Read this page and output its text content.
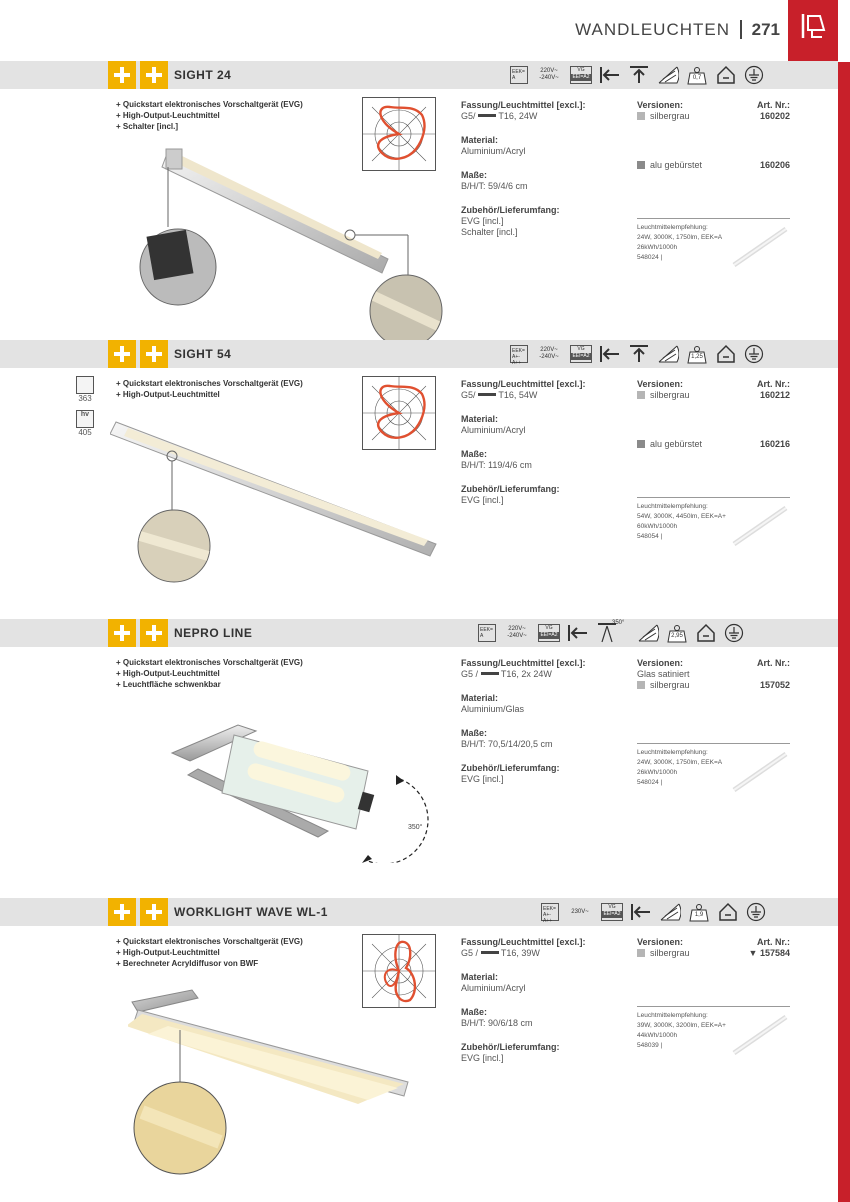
WANDLEUCHTEN 271
SIGHT 24	EEK= A
220V~
-240V~
VG
EEI=A2	0,7
+ Quickstart elektronisches Vorschaltgerät (EVG)
+ High-Output-Leuchtmittel
+ Schalter [incl.]
Fassung/Leuchtmittel [excl.]:
G5/	T16, 24W
Material:
Aluminium/Acryl
Maße:
B/H/T: 59/4/6 cm
Zubehör/Lieferumfang:
EVG [incl.]
Schalter [incl.]
Versionen:	Art. Nr.:
silbergrau	160202
alu gebürstet	160206
Leuchtmittelempfehlung:
24W, 3000K, 1750lm, EEK=A
26kWh/1000h
548024 |
SIGHT 54	EEK= A+-A++
220V~
-240V~
VG
EEI=A2	1,25
363
hv
405
+ Quickstart elektronisches Vorschaltgerät (EVG)
+ High-Output-Leuchtmittel
Fassung/Leuchtmittel [excl.]:
G5/	T16, 54W
Material:
Aluminium/Acryl
Maße:
B/H/T: 119/4/6 cm
Zubehör/Lieferumfang:
EVG [incl.]
Versionen:	Art. Nr.:
silbergrau	160212
alu gebürstet	160216
Leuchtmittelempfehlung:
54W, 3000K, 4450lm, EEK=A+
60kWh/1000h
548054 |
NEPRO LINE	EEK= A
220V~
-240V~
VG
EEI=A2
350°
2,95
+ Quickstart elektronisches Vorschaltgerät (EVG)
+ High-Output-Leuchtmittel
+ Leuchtfläche schwenkbar
350°
Fassung/Leuchtmittel [excl.]:
G5 /	T16, 2x 24W
Material:
Aluminium/Glas
Maße:
B/H/T: 70,5/14/20,5 cm
Zubehör/Lieferumfang:
EVG [incl.]
Versionen:	Art. Nr.:
Glas satiniert
silbergrau	157052
Leuchtmittelempfehlung:
24W, 3000K, 1750lm, EEK=A
26kWh/1000h
548024 |
WORKLIGHT WAVE WL-1	EEK= A+-A++
230V~
VG
EEI=A2	1,9
+ Quickstart elektronisches Vorschaltgerät (EVG)
+ High-Output-Leuchtmittel
+ Berechneter Acryldiffusor von BWF
Fassung/Leuchtmittel [excl.]:
G5 /	T16, 39W
Material:
Aluminium/Acryl
Maße:
B/H/T: 90/6/18 cm
Zubehör/Lieferumfang:
EVG [incl.]
Versionen:	Art. Nr.:
silbergrau	▼ 157584
Leuchtmittelempfehlung:
39W, 3000K, 3200lm, EEK=A+
44kWh/1000h
548039 |
